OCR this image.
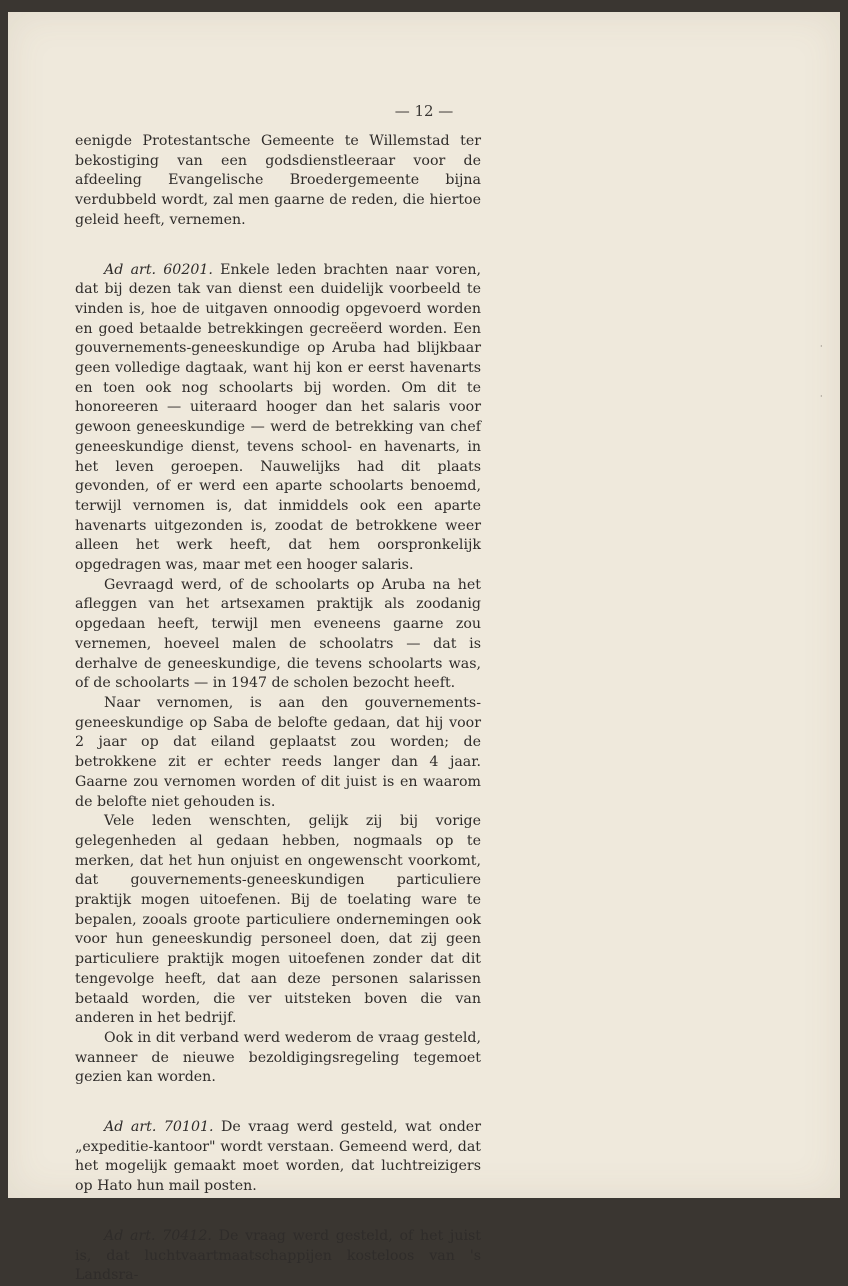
— 12 —

eenigde Protestantsche Gemeente te Willemstad ter bekostiging van een godsdienstleeraar voor de afdeeling Evangelische Broedergemeente bijna verdubbeld wordt, zal men gaarne de reden, die hiertoe geleid heeft, vernemen.

Ad art. 60201. Enkele leden brachten naar voren, dat bij dezen tak van dienst een duidelijk voorbeeld te vinden is, hoe de uitgaven onnoodig opgevoerd worden en goed betaalde betrekkingen gecreëerd worden. Een gouvernements-geneeskundige op Aruba had blijkbaar geen volledige dagtaak, want hij kon er eerst havenarts en toen ook nog schoolarts bij worden. Om dit te honoreeren — uiteraard hooger dan het salaris voor gewoon geneeskundige — werd de betrekking van chef geneeskundige dienst, tevens school- en havenarts, in het leven geroepen. Nauwelijks had dit plaats gevonden, of er werd een aparte schoolarts benoemd, terwijl vernomen is, dat inmiddels ook een aparte havenarts uitgezonden is, zoodat de betrokkene weer alleen het werk heeft, dat hem oorspronkelijk opgedragen was, maar met een hooger salaris.

Gevraagd werd, of de schoolarts op Aruba na het afleggen van het artsexamen praktijk als zoodanig opgedaan heeft, terwijl men eveneens gaarne zou vernemen, hoeveel malen de schoolatrs — dat is derhalve de geneeskundige, die tevens schoolarts was, of de schoolarts — in 1947 de scholen bezocht heeft.

Naar vernomen, is aan den gouvernements-geneeskundige op Saba de belofte gedaan, dat hij voor 2 jaar op dat eiland geplaatst zou worden; de betrokkene zit er echter reeds langer dan 4 jaar. Gaarne zou vernomen worden of dit juist is en waarom de belofte niet gehouden is.

Vele leden wenschten, gelijk zij bij vorige gelegenheden al gedaan hebben, nogmaals op te merken, dat het hun onjuist en ongewenscht voorkomt, dat gouvernements-geneeskundigen particuliere praktijk mogen uitoefenen. Bij de toelating ware te bepalen, zooals groote particuliere ondernemingen ook voor hun geneeskundig personeel doen, dat zij geen particuliere praktijk mogen uitoefenen zonder dat dit tengevolge heeft, dat aan deze personen salarissen betaald worden, die ver uitsteken boven die van anderen in het bedrijf.

Ook in dit verband werd wederom de vraag gesteld, wanneer de nieuwe bezoldigingsregeling tegemoet gezien kan worden.

Ad art. 70101. De vraag werd gesteld, wat onder „expeditie-kantoor" wordt verstaan. Gemeend werd, dat het mogelijk gemaakt moet worden, dat luchtreizigers op Hato hun mail posten.

Ad art. 70412. De vraag werd gesteld, of het juist is, dat luchtvaartmaatschappijen kosteloos van 's Landsra-

·
·
